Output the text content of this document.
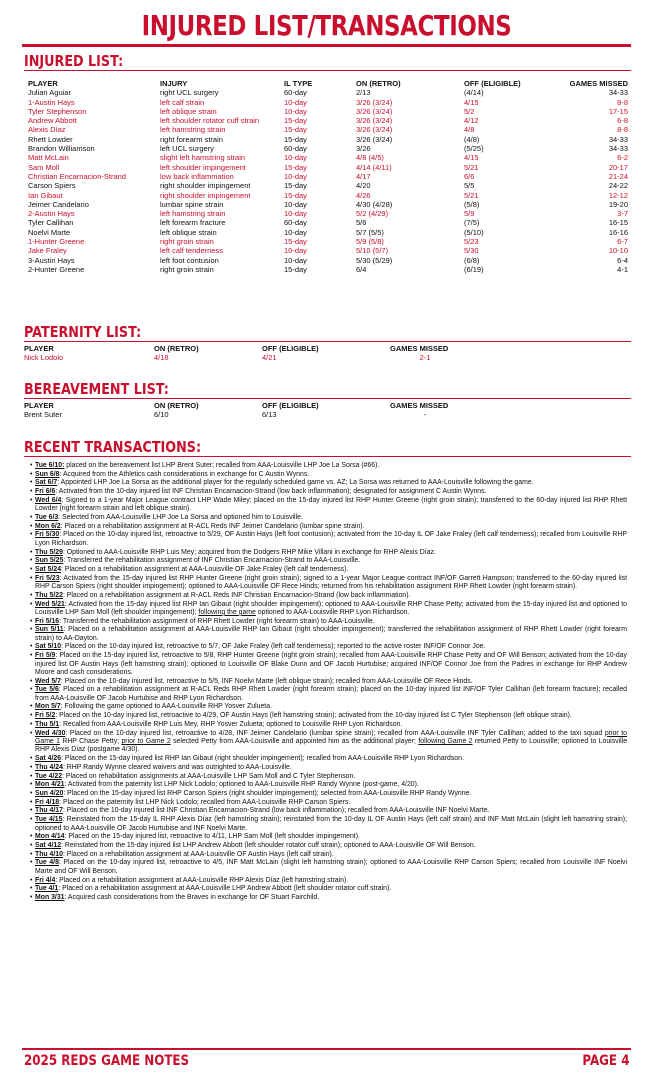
INJURED LIST/TRANSACTIONS
INJURED LIST:
PLAYER	INJURY	IL TYPE	ON (RETRO)	OFF (ELIGIBLE)	GAMES MISSED
Julian Aguiar	right UCL surgery	60-day	2/13	(4/14)	34-33
1-Austin Hays	left calf strain	10-day	3/26 (3/24)	4/15	8-8
Tyler Stephenson	left oblique strain	10-day	3/26 (3/24)	5/2	17-15
Andrew Abbott	left shoulder rotator cuff strain	15-day	3/26 (3/24)	4/12	6-8
Alexis Díaz	left hamstring strain	15-day	3/26 (3/24)	4/8	8-8
Rhett Lowder	right forearm strain	15-day	3/26 (3/24)	(4/8)	34-33
Brandon Williamson	left UCL surgery	60-day	3/26	(5/25)	34-33
Matt McLain	slight left hamstring strain	10-day	4/8 (4/5)	4/15	6-2
Sam Moll	left shoulder impingement	15-day	4/14 (4/11)	5/21	20-17
Christian Encarnacion-Strand	low back inflammation	10-day	4/17	6/6	21-24
Carson Spiers	right shoulder impingement	15-day	4/20	5/5	24-22
Ian Gibaut	right shoulder impingement	15-day	4/26	5/21	12-12
Jeimer Candelario	lumbar spine strain	10-day	4/30 (4/28)	(5/8)	19-20
2-Austin Hays	left hamstring strain	10-day	5/2 (4/29)	5/9	3-7
Tyler Callihan	left forearm fracture	60-day	5/6	(7/5)	16-15
Noelvi Marte	left oblique strain	10-day	5/7 (5/5)	(5/10)	16-16
1-Hunter Greene	right groin strain	15-day	5/9 (5/8)	5/23	6-7
Jake Fraley	left calf tenderness	10-day	5/10 (5/7)	5/30	10-10
3-Austin Hays	left foot contusion	10-day	5/30 (5/29)	(6/8)	6-4
2-Hunter Greene	right groin strain	15-day	6/4	(6/19)	4-1
PATERNITY LIST:
PLAYER	ON (RETRO)	OFF (ELIGIBLE)	GAMES MISSED
Nick Lodolo	4/18	4/21	2-1
BEREAVEMENT LIST:
PLAYER	ON (RETRO)	OFF (ELIGIBLE)	GAMES MISSED
Brent Suter	6/10	6/13	-
RECENT TRANSACTIONS:
• Tue 6/10: placed on the bereavement list LHP Brent Suter; recalled from AAA-Louisville LHP Joe La Sorsa (#66).
• Sun 6/8: Acquired from the Athletics cash considerations in exchange for C Austin Wynns.
• Sat 6/7: Appointed LHP Joe La Sorsa as the additional player for the regularly scheduled game vs. AZ; La Sorsa was returned to AAA-Louisville following the game.
• Fri 6/6: Activated from the 10-day injured list INF Christian Encarnacion-Strand (low back inflammation); designated for assignment C Austin Wynns.
• Wed 6/4: Signed to a 1-year Major League contract LHP Wade Miley; placed on the 15-day injured list RHP Hunter Greene (right groin strain); transferred to the 60-day injured list RHP Rhett Lowder (right forearm strain and left oblique strain).
• Tue 6/3: Selected from AAA-Louisville LHP Joe La Sorsa and optioned him to Louisville.
• Mon 6/2: Placed on a rehabilitation assignment at R-ACL Reds INF Jeimer Candelario (lumbar spine strain).
• Fri 5/30: Placed on the 10-day injured list, retroactive to 5/29, OF Austin Hays (left foot contusion); activated from the 10-day IL OF Jake Fraley (left calf tenderness); recalled from Louisville RHP Lyon Richardson.
• Thu 5/29: Optioned to AAA-Louisville RHP Luis Mey; acquired from the Dodgers RHP Mike Villani in exchange for RHP Alexis Díaz.
• Sun 5/25: Transferred the rehabilitation assignment of INF Christian Encarnacion-Strand to AAA-Louisville.
• Sat 5/24: Placed on a rehabilitation assignment at AAA-Louisville OF Jake Fraley (left calf tenderness).
• Fri 5/23: Activated from the 15-day injured list RHP Hunter Greene (right groin strain); signed to a 1-year Major League contract INF/OF Garrett Hampson; transferred to the 60-day injured list RHP Carson Spiers (right shoulder impingement); optioned to AAA-Louisville OF Rece Hinds; returned from his rehabilitation assignment RHP Rhett Lowder (right forearm strain).
• Thu 5/22: Placed on a rehabilitation assignment at R-ACL Reds INF Christian Encarnacion-Strand (low back inflammation).
• Wed 5/21: Activated from the 15-day injured list RHP Ian Gibaut (right shoulder impingement); optioned to AAA-Louisville RHP Chase Petty; activated from the 15-day injured list and optioned to Louisville LHP Sam Moll (left shoulder impingement); following the game optioned to AAA-Louisville RHP Lyon Richardson.
• Fri 5/16: Transferred the rehabilitation assignment of RHP Rhett Lowder (right forearm strain) to AAA-Louisville.
• Sun 5/11: Placed on a rehabilitation assignment at AAA-Louisville RHP Ian Gibaut (right shoulder impingement); transferred the rehabilitation assignment of RHP Rhett Lowder (right forearm strain) to AA-Dayton.
• Sat 5/10: Placed on the 10-day injured list, retroactive to 5/7, OF Jake Fraley (left calf tenderness); reported to the active roster INF/OF Connor Joe.
• Fri 5/9: Placed on the 15-day injured list, retroactive to 5/8, RHP Hunter Greene (right groin strain); recalled from AAA-Louisville RHP Chase Petty and OF Will Benson; activated from the 10-day injured list OF Austin Hays (left hamstring strain); optioned to Louisville OF Blake Dunn and OF Jacob Hurtubise; acquired INF/OF Connor Joe from the Padres in exchange for RHP Andrew Moore and cash considerations.
• Wed 5/7: Placed on the 10-day injured list, retroactive to 5/5, INF Noelvi Marte (left oblique strain); recalled from AAA-Louisville OF Rece Hinds.
• Tue 5/6: Placed on a rehabilitation assignment at R-ACL Reds RHP Rhett Lowder (right forearm strain); placed on the 10-day injured list INF/OF Tyler Callihan (left forearm fracture); recalled from AAA-Louisville OF Jacob Hurtubise and RHP Lyon Richardson.
• Mon 5/7: Following the game optioned to AAA-Louisville RHP Yosver Zulueta.
• Fri 5/2: Placed on the 10-day injured list, retroactive to 4/29, OF Austin Hays (left hamstring strain); activated from the 10-day injured list C Tyler Stephenson (left oblique strain).
• Thu 5/1: Recalled from AAA-Louisville RHP Luis Mey, RHP Yosver Zulueta; optioned to Louisville RHP Lyon Richardson.
• Wed 4/30: Placed on the 10-day injured list, retroactive to 4/28, INF Jeimer Candelario (lumbar spine strain); recalled from AAA-Louisville INF Tyler Callihan; added to the taxi squad prior to Game 1 RHP Chase Petty; prior to Game 2 selected Petty from AAA-Louisville and appointed him as the additional player; following Game 2 returned Petty to Louisville; optioned to Louisville RHP Alexis Díaz (postgame 4/30).
• Sat 4/26: Placed on the 15-day injured list RHP Ian Gibaut (right shoulder impingement); recalled from AAA-Louisville RHP Lyon Richardson.
• Thu 4/24: RHP Randy Wynne cleared waivers and was outrighted to AAA-Louisville.
• Tue 4/22: Placed on rehabilitation assignments at AAA-Louisville LHP Sam Moll and C Tyler Stephenson.
• Mon 4/21: Activated from the paternity list LHP Nick Lodolo; optioned to AAA-Louisville RHP Randy Wynne (post-game, 4/20).
• Sun 4/20: Placed on the 15-day injured list RHP Carson Spiers (right shoulder impingement); selected from AAA-Louisville RHP Randy Wynne.
• Fri 4/18: Placed on the paternity list LHP Nick Lodolo; recalled from AAA-Louisville RHP Carson Spiers.
• Thu 4/17: Placed on the 10-day injured list INF Christian Encarnacion-Strand (low back inflammation); recalled from AAA-Louisville INF Noelvi Marte.
• Tue 4/15: Reinstated from the 15-day IL RHP Alexis Díaz (left hamstring strain); reinstated from the 10-day IL OF Austin Hays (left calf strain) and INF Matt McLain (slight left hamstring strain); optioned to AAA-Louisville OF Jacob Hurtubise and INF Noelvi Marte.
• Mon 4/14: Placed on the 15-day injured list, retroactive to 4/11, LHP Sam Moll (left shoulder impingement).
• Sat 4/12: Reinstated from the 15-day injured list LHP Andrew Abbott (left shoulder rotator cuff strain); optioned to AAA-Louisville OF Will Benson.
• Thu 4/10: Placed on a rehabilitation assignment at AAA-Louisville OF Austin Hays (left calf strain).
• Tue 4/8: Placed on the 10-day injured list, retroactive to 4/5, INF Matt McLain (slight left hamstring strain); optioned to AAA-Louisville RHP Carson Spiers; recalled from Louisville INF Noelvi Marte and OF Will Benson.
• Fri 4/4: Placed on a rehabilitation assignment at AAA-Louisville RHP Alexis Díaz (left hamstring strain).
• Tue 4/1: Placed on a rehabilitation assignment at AAA-Louisville LHP Andrew Abbott (left shoulder rotator cuff strain).
• Mon 3/31: Acquired cash considerations from the Braves in exchange for OF Stuart Fairchild.
2025 REDS GAME NOTES	PAGE 4
